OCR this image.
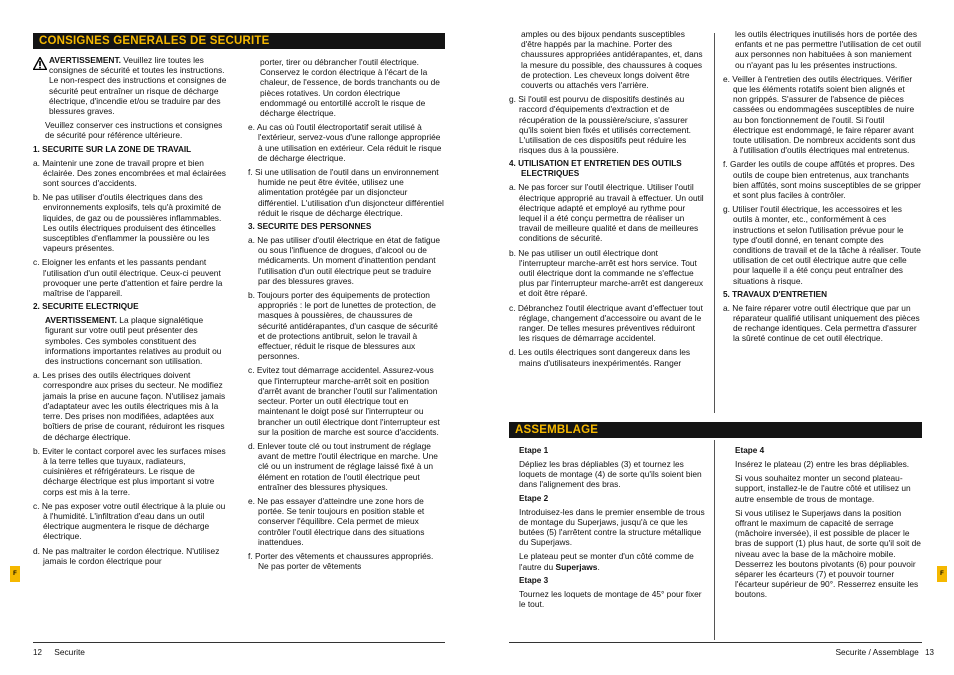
CONSIGNES GENERALES DE SECURITE

AVERTISSEMENT. Veuillez lire toutes les consignes de sécurité et toutes les instructions. Le non-respect des instructions et consignes de sécurité peut entraîner un risque de décharge électrique, d'incendie et/ou se traduire par des blessures graves.

Veuillez conserver ces instructions et consignes de sécurité pour référence ultérieure.

1. SECURITE SUR LA ZONE DE TRAVAIL

a. Maintenir une zone de travail propre et bien éclairée. Des zones encombrées et mal éclairées sont sources d'accidents.

b. Ne pas utiliser d'outils électriques dans des environnements explosifs, tels qu'à proximité de liquides, de gaz ou de poussières inflammables. Les outils électriques produisent des étincelles susceptibles d'enflammer la poussière ou les vapeurs présentes.

c. Eloigner les enfants et les passants pendant l'utilisation d'un outil électrique. Ceux-ci peuvent provoquer une perte d'attention et faire perdre la maîtrise de l'appareil.

2. SECURITE ELECTRIQUE

AVERTISSEMENT. La plaque signalétique figurant sur votre outil peut présenter des symboles. Ces symboles constituent des informations importantes relatives au produit ou des instructions concernant son utilisation.

a. Les prises des outils électriques doivent correspondre aux prises du secteur. Ne modifiez jamais la prise en aucune façon. N'utilisez jamais d'adaptateur avec les outils électriques mis à la terre. Des prises non modifiées, adaptées aux boîtiers de prise de courant, réduiront les risques de décharge électrique.

b. Eviter le contact corporel avec les surfaces mises à la terre telles que tuyaux, radiateurs, cuisinières et réfrigérateurs. Le risque de décharge électrique est plus important si votre corps est mis à la terre.

c. Ne pas exposer votre outil électrique à la pluie ou à l'humidité. L'infiltration d'eau dans un outil électrique augmentera le risque de décharge électrique.

d. Ne pas maltraiter le cordon électrique. N'utilisez jamais le cordon électrique pour

porter, tirer ou débrancher l'outil électrique. Conservez le cordon électrique à l'écart de la chaleur, de l'essence, de bords tranchants ou de pièces rotatives. Un cordon électrique endommagé ou entortillé accroît le risque de décharge électrique.

e. Au cas où l'outil électroportatif serait utilisé à l'extérieur, servez-vous d'une rallonge appropriée à une utilisation en extérieur. Cela réduit le risque de décharge électrique.

f. Si une utilisation de l'outil dans un environnement humide ne peut être évitée, utilisez une alimentation protégée par un disjoncteur différentiel. L'utilisation d'un disjoncteur différentiel réduit le risque de décharge électrique.

3. SECURITE DES PERSONNES

a. Ne pas utiliser d'outil électrique en état de fatigue ou sous l'influence de drogues, d'alcool ou de médicaments. Un moment d'inattention pendant l'utilisation d'un outil électrique peut se traduire par des blessures graves.

b. Toujours porter des équipements de protection appropriés : le port de lunettes de protection, de masques à poussières, de chaussures de sécurité antidérapantes, d'un casque de sécurité et de protections antibruit, selon le travail à effectuer, réduit le risque de blessures aux personnes.

c. Evitez tout démarrage accidentel. Assurez-vous que l'interrupteur marche-arrêt soit en position d'arrêt avant de brancher l'outil sur l'alimentation secteur. Porter un outil électrique tout en maintenant le doigt posé sur l'interrupteur ou brancher un outil électrique dont l'interrupteur est sur la position de marche est source d'accidents.

d. Enlever toute clé ou tout instrument de réglage avant de mettre l'outil électrique en marche. Une clé ou un instrument de réglage laissé fixé à un élément en rotation de l'outil électrique peut entraîner des blessures physiques.

e. Ne pas essayer d'atteindre une zone hors de portée. Se tenir toujours en position stable et conserver l'équilibre. Cela permet de mieux contrôler l'outil électrique dans des situations inattendues.

f. Porter des vêtements et chaussures appropriés. Ne pas porter de vêtements

F
12 Securite

amples ou des bijoux pendants susceptibles d'être happés par la machine. Porter des chaussures appropriées antidérapantes, et, dans la mesure du possible, des chaussures à coques de protection. Les cheveux longs doivent être couverts ou attachés vers l'arrière.

g. Si l'outil est pourvu de dispositifs destinés au raccord d'équipements d'extraction et de récupération de la poussière/sciure, s'assurer qu'ils soient bien fixés et utilisés correctement. L'utilisation de ces dispositifs peut réduire les risques dus à la poussière.

4. UTILISATION ET ENTRETIEN DES OUTILS ELECTRIQUES

a. Ne pas forcer sur l'outil électrique. Utiliser l'outil électrique approprié au travail à effectuer. Un outil électrique adapté et employé au rythme pour lequel il a été conçu permettra de réaliser un travail de meilleure qualité et dans de meilleures conditions de sécurité.

b. Ne pas utiliser un outil électrique dont l'interrupteur marche-arrêt est hors service. Tout outil électrique dont la commande ne s'effectue plus par l'interrupteur marche-arrêt est dangereux et doit être réparé.

c. Débranchez l'outil électrique avant d'effectuer tout réglage, changement d'accessoire ou avant de le ranger. De telles mesures préventives réduiront les risques de démarrage accidentel.

d. Les outils électriques sont dangereux dans les mains d'utilisateurs inexpérimentés. Ranger

les outils électriques inutilisés hors de portée des enfants et ne pas permettre l'utilisation de cet outil aux personnes non habituées à son maniement ou n'ayant pas lu les présentes instructions.

e. Veiller à l'entretien des outils électriques. Vérifier que les éléments rotatifs soient bien alignés et non grippés. S'assurer de l'absence de pièces cassées ou endommagées susceptibles de nuire au bon fonctionnement de l'outil. Si l'outil électrique est endommagé, le faire réparer avant toute utilisation. De nombreux accidents sont dus à l'utilisation d'outils électriques mal entretenus.

f. Garder les outils de coupe affûtés et propres. Des outils de coupe bien entretenus, aux tranchants bien affûtés, sont moins susceptibles de se gripper et sont plus faciles à contrôler.

g. Utiliser l'outil électrique, les accessoires et les outils à monter, etc., conformément à ces instructions et selon l'utilisation prévue pour le type d'outil donné, en tenant compte des conditions de travail et de la tâche à réaliser. Toute utilisation de cet outil électrique autre que celle pour laquelle il a été conçu peut entraîner des situations à risque.

5. TRAVAUX D'ENTRETIEN

a. Ne faire réparer votre outil électrique que par un réparateur qualifié utilisant uniquement des pièces de rechange identiques. Cela permettra d'assurer la sûreté continue de cet outil électrique.

ASSEMBLAGE
Etape 1

Dépliez les bras dépliables (3) et tournez les loquets de montage (4) de sorte qu'ils soient bien dans l'alignement des bras.

Etape 2

Introduisez-les dans le premier ensemble de trous de montage du Superjaws, jusqu'à ce que les butées (5) l'arrêtent contre la structure métallique du Superjaws.

Le plateau peut se monter d'un côté comme de l'autre du Superjaws.

Etape 3

Tournez les loquets de montage de 45° pour fixer le tout.

Etape 4

Insérez le plateau (2) entre les bras dépliables.

Si vous souhaitez monter un second plateau-support, installez-le de l'autre côté et utilisez un autre ensemble de trous de montage.

Si vous utilisez le Superjaws dans la position offrant le maximum de capacité de serrage (mâchoire inversée), il est possible de placer le bras de support (1) plus haut, de sorte qu'il soit de niveau avec la base de la mâchoire mobile. Desserrez les boutons pivotants (6) pour pouvoir séparer les écarteurs (7) et pouvoir tourner l'écarteur supérieur de 90°. Resserrez ensuite les boutons.

F
Securite / Assemblage 13
